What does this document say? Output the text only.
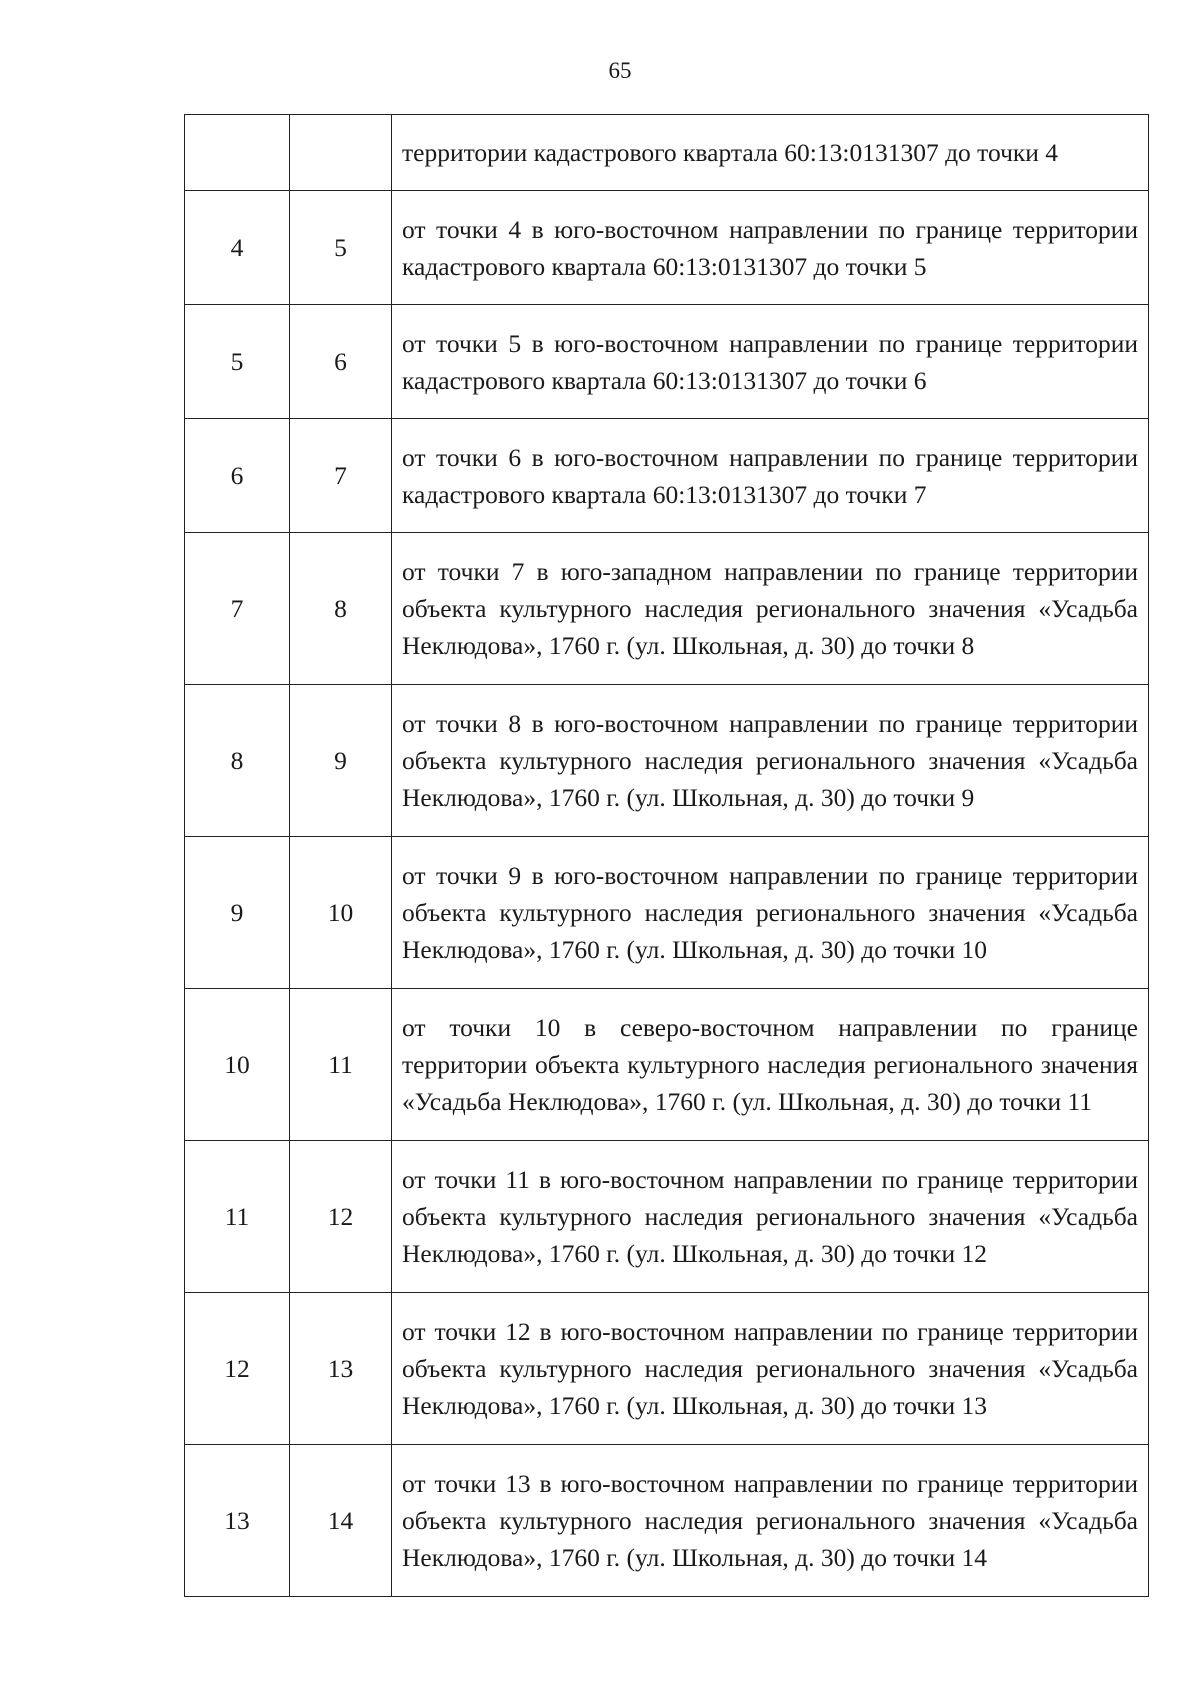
65
		территории кадастрового квартала 60:13:0131307 до точки 4
4	5	от точки 4 в юго-восточном направлении по границе территории кадастрового квартала 60:13:0131307 до точки 5
5	6	от точки 5 в юго-восточном направлении по границе территории кадастрового квартала 60:13:0131307 до точки 6
6	7	от точки 6 в юго-восточном направлении по границе территории кадастрового квартала 60:13:0131307 до точки 7
7	8	от точки 7 в юго-западном направлении по границе территории объекта культурного наследия регионального значения «Усадьба Неклюдова», 1760 г. (ул. Школьная, д. 30) до точки 8
8	9	от точки 8 в юго-восточном направлении по границе территории объекта культурного наследия регионального значения «Усадьба Неклюдова», 1760 г. (ул. Школьная, д. 30) до точки 9
9	10	от точки 9 в юго-восточном направлении по границе территории объекта культурного наследия регионального значения «Усадьба Неклюдова», 1760 г. (ул. Школьная, д. 30) до точки 10
10	11	от точки 10 в северо-восточном направлении по границе территории объекта культурного наследия регионального значения «Усадьба Неклюдова», 1760 г. (ул. Школьная, д. 30) до точки 11
11	12	от точки 11 в юго-восточном направлении по границе территории объекта культурного наследия регионального значения «Усадьба Неклюдова», 1760 г. (ул. Школьная, д. 30) до точки 12
12	13	от точки 12 в юго-восточном направлении по границе территории объекта культурного наследия регионального значения «Усадьба Неклюдова», 1760 г. (ул. Школьная, д. 30) до точки 13
13	14	от точки 13 в юго-восточном направлении по границе территории объекта культурного наследия регионального значения «Усадьба Неклюдова», 1760 г. (ул. Школьная, д. 30) до точки 14
